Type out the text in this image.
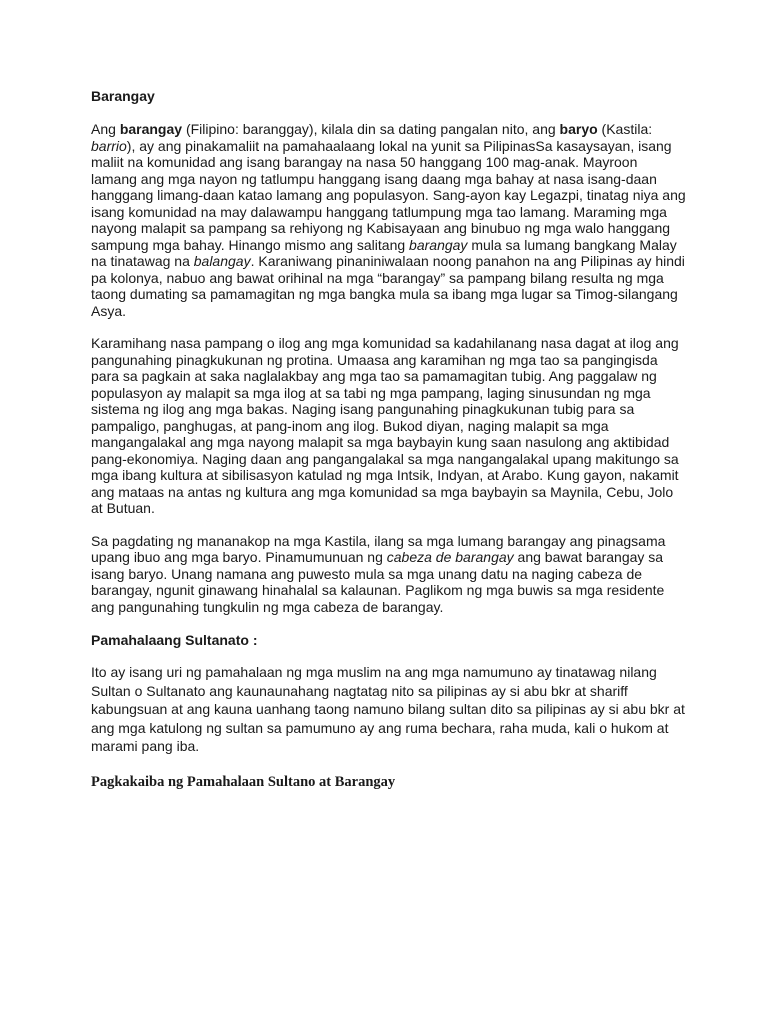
Barangay

Ang barangay (Filipino: baranggay), kilala din sa dating pangalan nito, ang baryo (Kastila: barrio), ay ang pinakamaliit na pamahaalaang lokal na yunit sa PilipinasSa kasaysayan, isang maliit na komunidad ang isang barangay na nasa 50 hanggang 100 mag-anak. Mayroon lamang ang mga nayon ng tatlumpu hanggang isang daang mga bahay at nasa isang-daan hanggang limang-daan katao lamang ang populasyon. Sang-ayon kay Legazpi, tinatag niya ang isang komunidad na may dalawampu hanggang tatlumpung mga tao lamang. Maraming mga nayong malapit sa pampang sa rehiyong ng Kabisayaan ang binubuo ng mga walo hanggang sampung mga bahay. Hinango mismo ang salitang barangay mula sa lumang bangkang Malay na tinatawag na balangay. Karaniwang pinaniniwalaan noong panahon na ang Pilipinas ay hindi pa kolonya, nabuo ang bawat orihinal na mga “barangay” sa pampang bilang resulta ng mga taong dumating sa pamamagitan ng mga bangka mula sa ibang mga lugar sa Timog-silangang Asya.

Karamihang nasa pampang o ilog ang mga komunidad sa kadahilanang nasa dagat at ilog ang pangunahing pinagkukunan ng protina. Umaasa ang karamihan ng mga tao sa pangingisda para sa pagkain at saka naglalakbay ang mga tao sa pamamagitan tubig. Ang paggalaw ng populasyon ay malapit sa mga ilog at sa tabi ng mga pampang, laging sinusundan ng mga sistema ng ilog ang mga bakas. Naging isang pangunahing pinagkukunan tubig para sa pampaligo, panghugas, at pang-inom ang ilog. Bukod diyan, naging malapit sa mga mangangalakal ang mga nayong malapit sa mga baybayin kung saan nasulong ang aktibidad pang-ekonomiya. Naging daan ang pangangalakal sa mga nangangalakal upang makitungo sa mga ibang kultura at sibilisasyon katulad ng mga Intsik, Indyan, at Arabo. Kung gayon, nakamit ang mataas na antas ng kultura ang mga komunidad sa mga baybayin sa Maynila, Cebu, Jolo at Butuan.

Sa pagdating ng mananakop na mga Kastila, ilang sa mga lumang barangay ang pinagsama upang ibuo ang mga baryo. Pinamumunuan ng cabeza de barangay ang bawat barangay sa isang baryo. Unang namana ang puwesto mula sa mga unang datu na naging cabeza de barangay, ngunit ginawang hinahalal sa kalaunan. Paglikom ng mga buwis sa mga residente ang pangunahing tungkulin ng mga cabeza de barangay.

Pamahalaang Sultanato :

Ito ay isang uri ng pamahalaan ng mga muslim na ang mga namumuno ay tinatawag nilang Sultan o Sultanato ang kaunaunahang nagtatag nito sa pilipinas ay si abu bkr at shariff kabungsuan at ang kauna uanhang taong namuno bilang sultan dito sa pilipinas ay si abu bkr at ang mga katulong ng sultan sa pamumuno ay ang ruma bechara, raha muda, kali o hukom at marami pang iba.

Pagkakaiba ng Pamahalaan Sultano at Barangay
